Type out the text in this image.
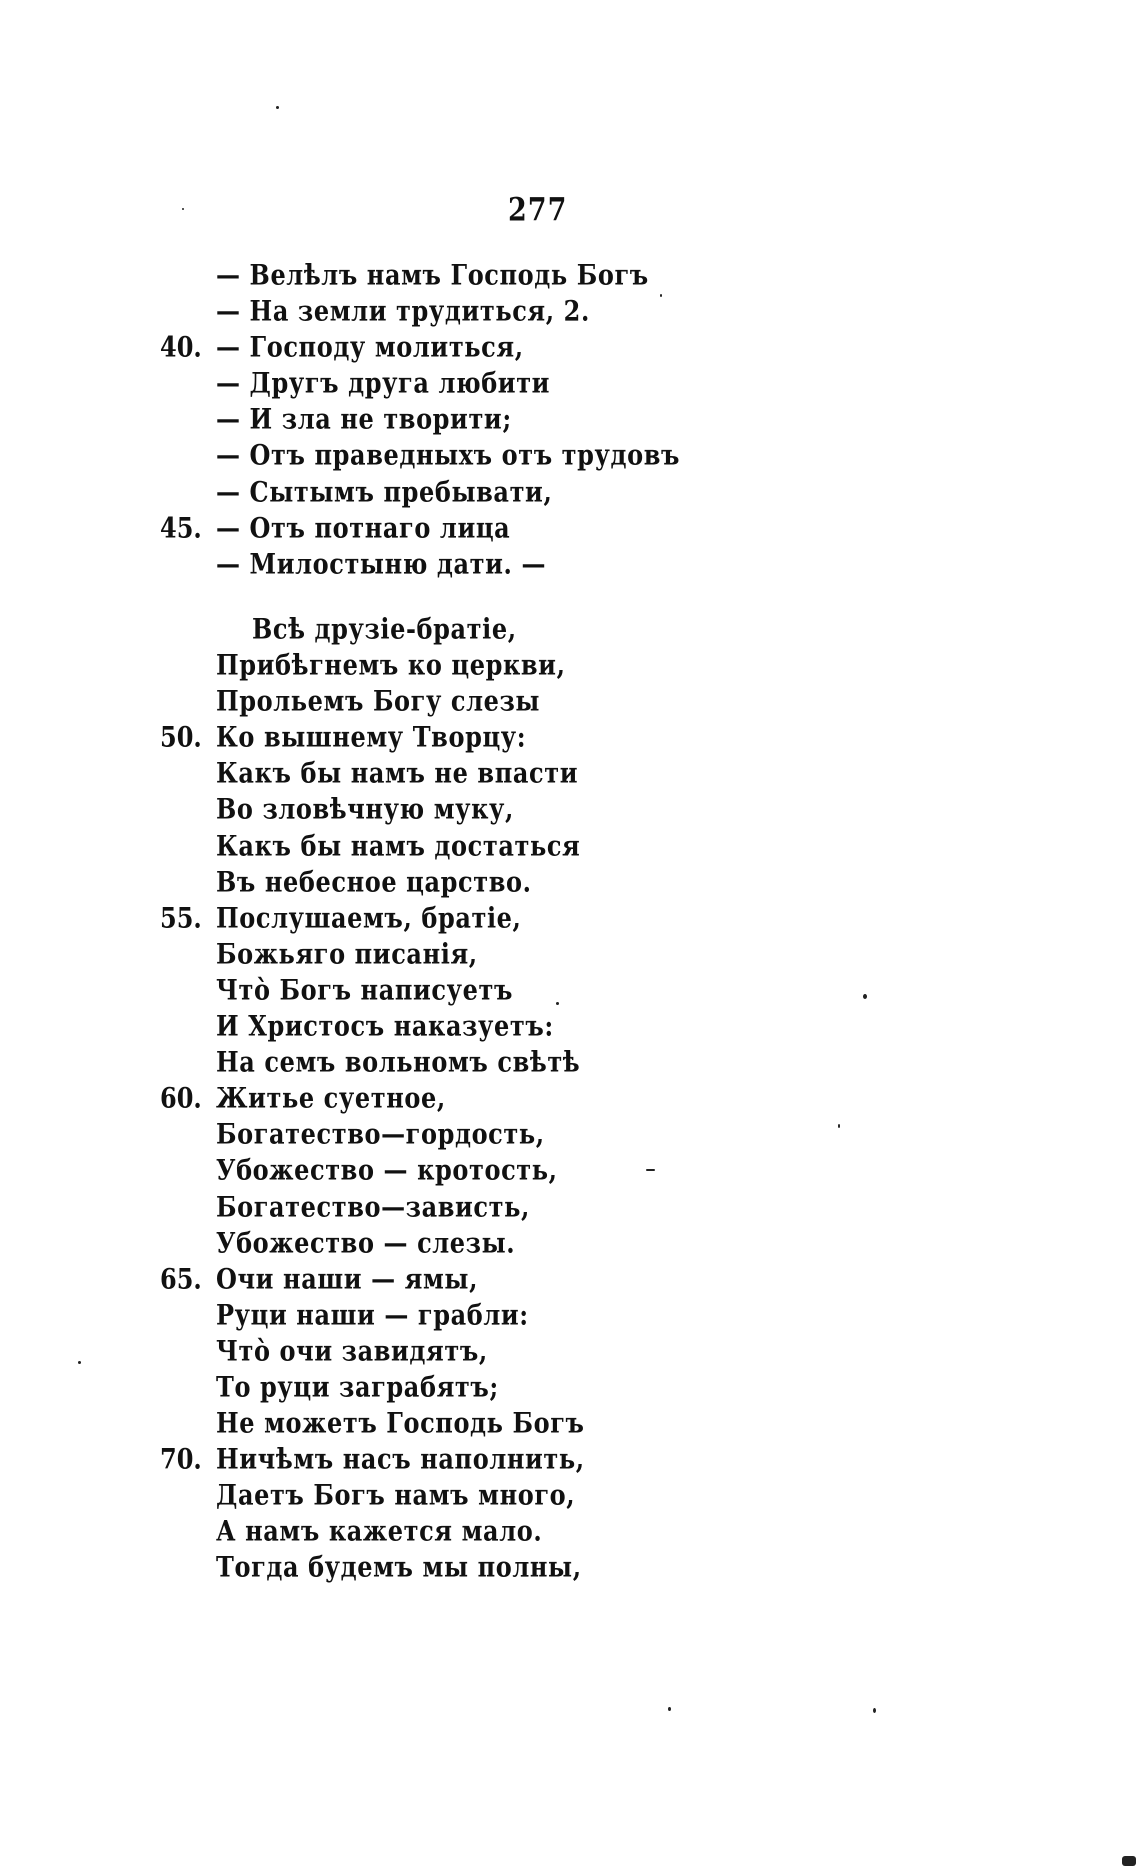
277
— Велѣлъ намъ Господь Богъ
— На земли трудиться, 2.
40. — Господу молиться,
— Другъ друга любити
— И зла не творити;
— Отъ праведныхъ отъ трудовъ
— Сытымъ пребывати,
45. — Отъ потнаго лица
— Милостыню дати. —
Всѣ друзіе-братіе,
Прибѣгнемъ ко церкви,
Прольемъ Богу слезы
50. Ко вышнему Творцу:
Какъ бы намъ не впасти
Во зловѣчную муку,
Какъ бы намъ достаться
Въ небесное царство.
55. Послушаемъ, братіе,
Божьяго писанія,
Что̀ Богъ написуетъ
И Христосъ наказуетъ:
На семъ вольномъ свѣтѣ
60. Житье суетное,
Богатество—гордость,
Убожество — кротость,
Богатество—зависть,
Убожество — слезы.
65. Очи наши — ямы,
Руци наши — грабли:
Что̀ очи завидятъ,
То руци заграбятъ;
Не можетъ Господь Богъ
70. Ничѣмъ насъ наполнить,
Даетъ Богъ намъ много,
А намъ кажется мало.
Тогда будемъ мы полны,
